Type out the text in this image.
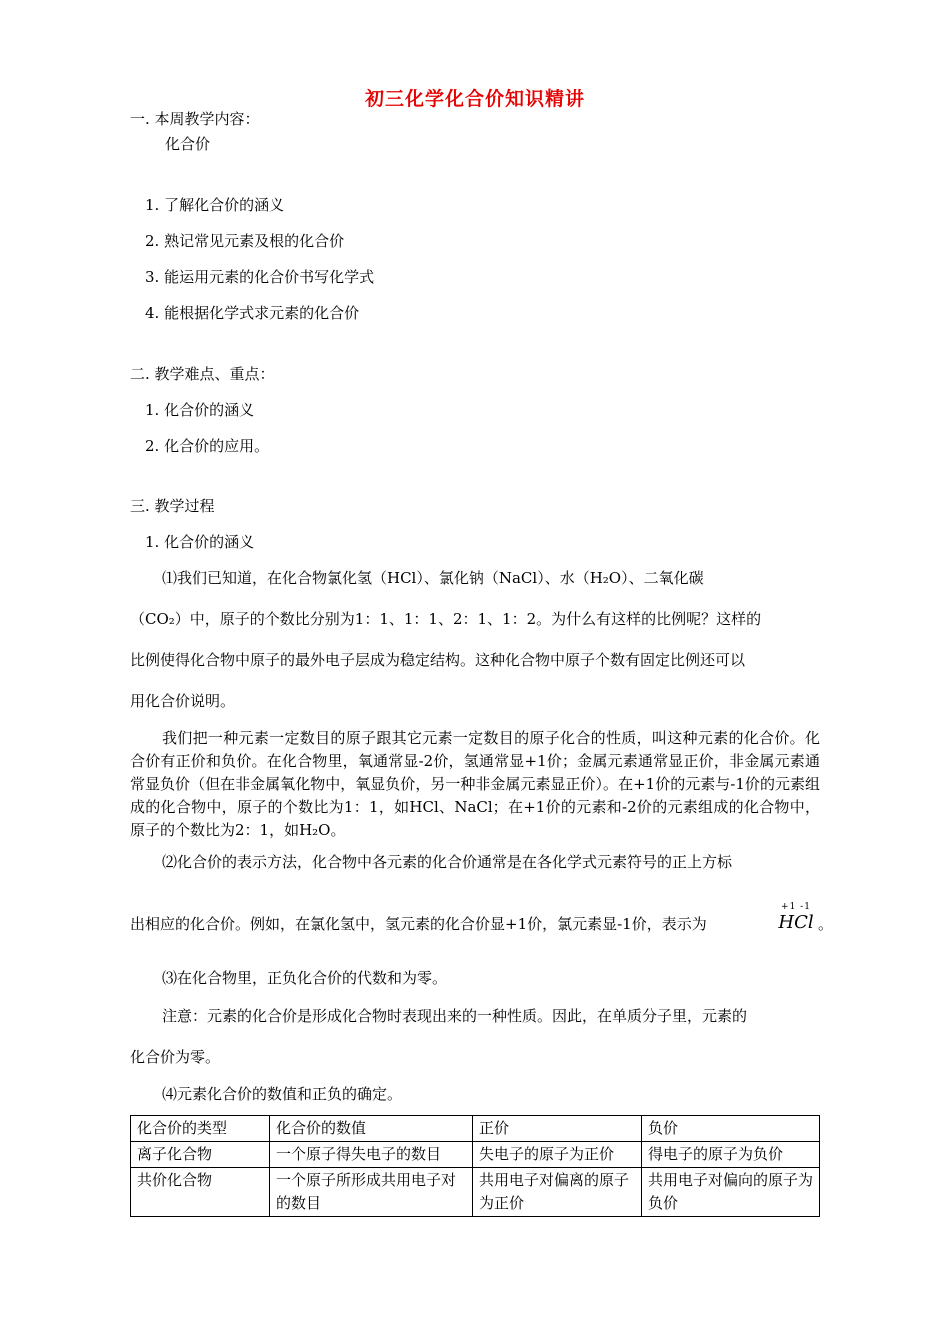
初三化学化合价知识精讲
一. 本周教学内容：
化合价
1. 了解化合价的涵义
2. 熟记常见元素及根的化合价
3. 能运用元素的化合价书写化学式
4. 能根据化学式求元素的化合价
二. 教学难点、重点：
1. 化合价的涵义
2. 化合价的应用。
三. 教学过程
1. 化合价的涵义
⑴我们已知道，在化合物氯化氢（HCl）、氯化钠（NaCl）、水（H₂O）、二氧化碳
（CO₂）中，原子的个数比分别为1：1、1：1、2：1、1：2。为什么有这样的比例呢？这样的
比例使得化合物中原子的最外电子层成为稳定结构。这种化合物中原子个数有固定比例还可以
用化合价说明。
我们把一种元素一定数目的原子跟其它元素一定数目的原子化合的性质，叫这种元素的化合价。化合价有正价和负价。在化合物里，氧通常显-2价，氢通常显+1价；金属元素通常显正价，非金属元素通常显负价（但在非金属氧化物中，氧显负价，另一种非金属元素显正价）。在+1价的元素与-1价的元素组成的化合物中，原子的个数比为1：1，如HCl、NaCl；在+1价的元素和-2价的元素组成的化合物中，原子的个数比为2：1，如H₂O。
⑵化合价的表示方法，化合物中各元素的化合价通常是在各化学式元素符号的正上方标
出相应的化合价。例如，在氯化氢中，氢元素的化合价显+1价，氯元素显-1价，表示为
+1 -1
HCl 。
⑶在化合物里，正负化合价的代数和为零。
注意：元素的化合价是形成化合物时表现出来的一种性质。因此，在单质分子里，元素的
化合价为零。
⑷元素化合价的数值和正负的确定。
化合价的类型	化合价的数值	正价	负价
离子化合物	一个原子得失电子的数目	失电子的原子为正价	得电子的原子为负价
共价化合物	一个原子所形成共用电子对的数目	共用电子对偏离的原子为正价	共用电子对偏向的原子为负价
